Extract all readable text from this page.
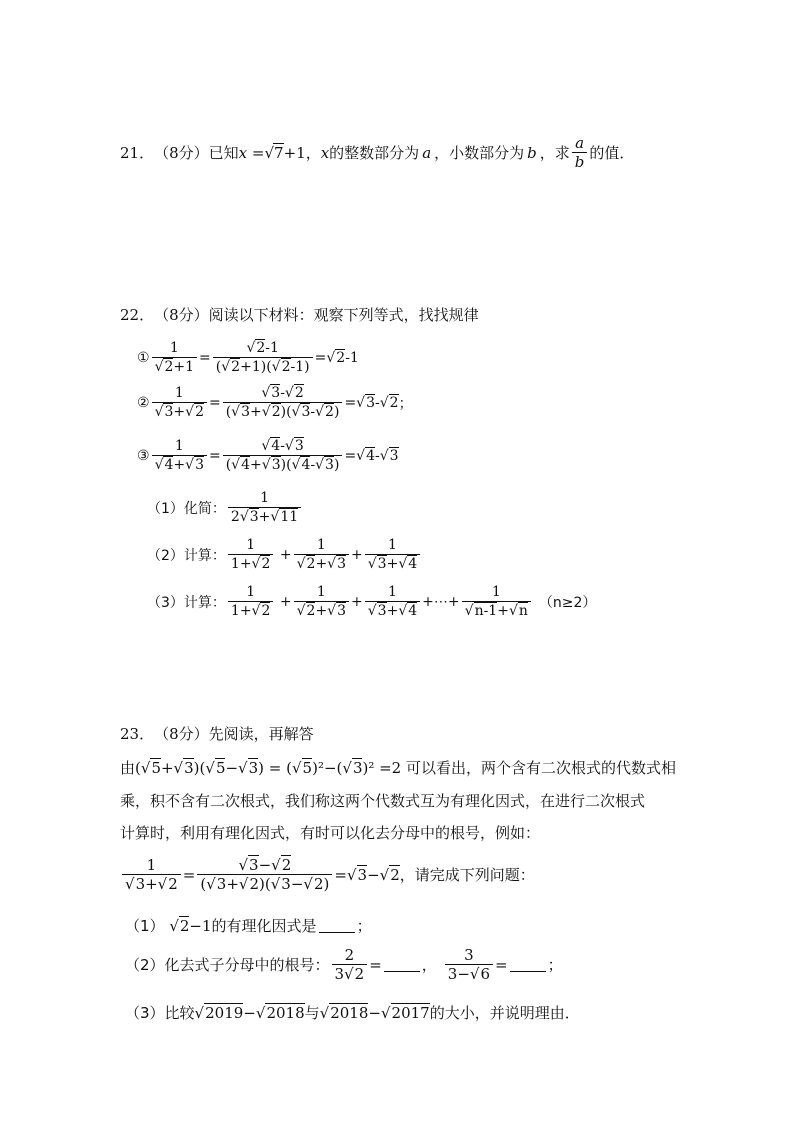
21． （8分） 已知 x = √ 7 +1 ， x 的整数部分为 a ，小数部分为 b ，求 $\frac{a}{b}$ 的值．
22． （8分） 阅读以下材料：观察下列等式，找找规律
① $\frac{1}{√2+1} = \frac{√2-1}{(√2+1)(√2-1)} =√2-1$
② $\frac{1}{√3+√2} = \frac{√3-√2}{(√3+√2)(√3-√2)} =√3-√2$ ；
③ $\frac{1}{√4+√3} = \frac{√4-√3}{(√4+√3)(√4-√3)} =√4-√3$
（1）化简： $\frac{1}{2√3+√11}$
（2）计算： $\frac{1}{1+√2} + \frac{1}{√2+√3} + \frac{1}{√3+√4}$
（3）计算： $\frac{1}{1+√2} + \frac{1}{√2+√3} + \frac{1}{√3+√4}$ +⋯+ $\frac{1}{√n-1+√n} (n\ge 2)$
23． （8分） 先阅读，再解答
由 (√5+√3)(√5−√3) = (√5)²−(√3)² =2 可以看出，两个含有二次根式的代数式相
乘，积不含有二次根式，我们称这两个代数式互为有理化因式，在进行二次根式
计算时，利用有理化因式，有时可以化去分母中的根号，例如：
$\frac{1}{√3+√2} = \frac{√3-√2}{(√3+√2)(√3-√2)} =√3-√2$ ，请完成下列问题：
（1） √2−1 的有理化因式是	；
（2）化去式子分母中的根号： $\frac{2}{3√2}$ =	， $\frac{3}{3-√6}$ =	；
（3）比较 √2019−√2018 与 √2018−√2017 的大小，并说明理由．
